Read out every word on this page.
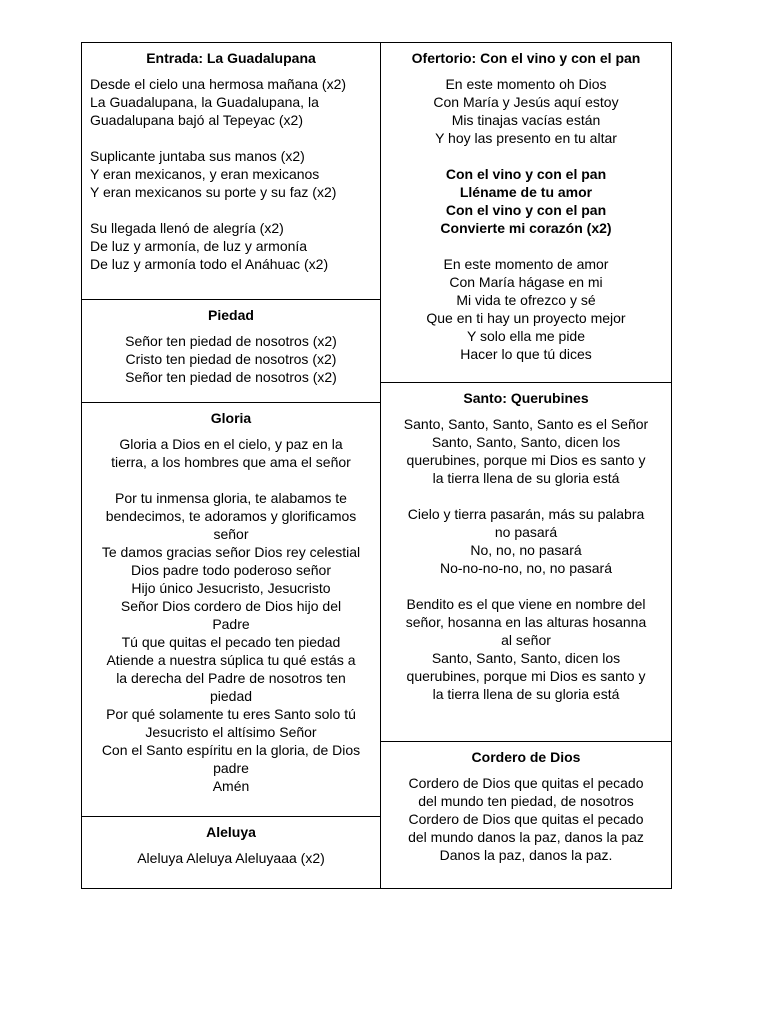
Entrada: La Guadalupana
Desde el cielo una hermosa mañana (x2)
La Guadalupana, la Guadalupana, la
Guadalupana bajó al Tepeyac (x2)
Suplicante juntaba sus manos (x2)
Y eran mexicanos, y eran mexicanos
Y eran mexicanos su porte y su faz (x2)
Su llegada llenó de alegría (x2)
De luz y armonía, de luz y armonía
De luz y armonía todo el Anáhuac (x2)
Piedad
Señor ten piedad de nosotros (x2)
Cristo ten piedad de nosotros (x2)
Señor ten piedad de nosotros (x2)
Gloria
Gloria a Dios en el cielo, y paz en la
tierra, a los hombres que ama el señor
Por tu inmensa gloria, te alabamos te
bendecimos, te adoramos y glorificamos
señor
Te damos gracias señor Dios rey celestial
Dios padre todo poderoso señor
Hijo único Jesucristo, Jesucristo
Señor Dios cordero de Dios hijo del
Padre
Tú que quitas el pecado ten piedad
Atiende a nuestra súplica tu qué estás a
la derecha del Padre de nosotros ten
piedad
Por qué solamente tu eres Santo solo tú
Jesucristo el altísimo Señor
Con el Santo espíritu en la gloria, de Dios
padre
Amén
Aleluya
Aleluya Aleluya Aleluyaaa (x2)
Ofertorio: Con el vino y con el pan
En este momento oh Dios
Con María y Jesús aquí estoy
Mis tinajas vacías están
Y hoy las presento en tu altar
Con el vino y con el pan
Lléname de tu amor
Con el vino y con el pan
Convierte mi corazón (x2)
En este momento de amor
Con María hágase en mi
Mi vida te ofrezco y sé
Que en ti hay un proyecto mejor
Y solo ella me pide
Hacer lo que tú dices
Santo: Querubines
Santo, Santo, Santo, Santo es el Señor
Santo, Santo, Santo, dicen los
querubines, porque mi Dios es santo y
la tierra llena de su gloria está
Cielo y tierra pasarán, más su palabra
no pasará
No, no, no pasará
No-no-no-no, no, no pasará
Bendito es el que viene en nombre del
señor, hosanna en las alturas hosanna
al señor
Santo, Santo, Santo, dicen los
querubines, porque mi Dios es santo y
la tierra llena de su gloria está
Cordero de Dios
Cordero de Dios que quitas el pecado
del mundo ten piedad, de nosotros
Cordero de Dios que quitas el pecado
del mundo danos la paz, danos la paz
Danos la paz, danos la paz.
